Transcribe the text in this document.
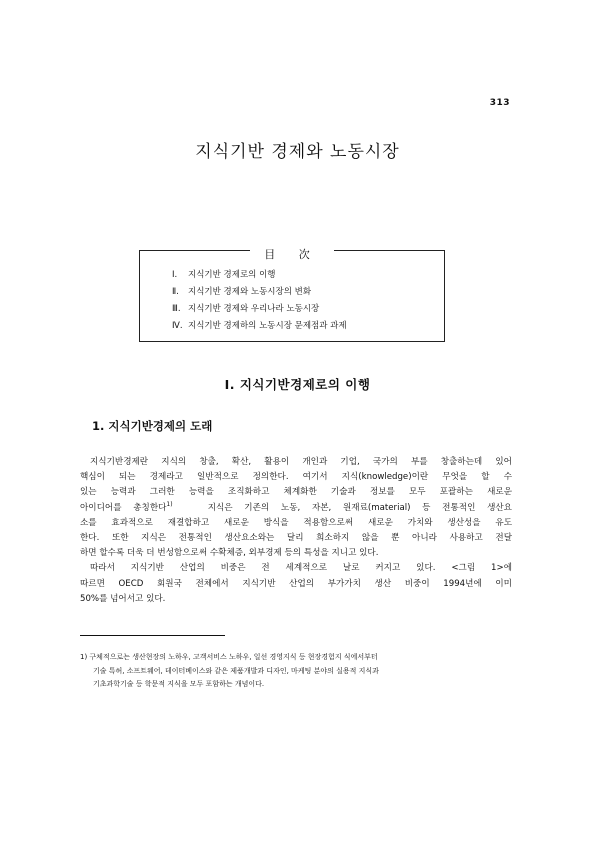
313
지식기반 경제와 노동시장
目 次
Ⅰ. 지식기반 경제로의 이행
Ⅱ. 지식기반 경제와 노동시장의 변화
Ⅲ. 지식기반 경제와 우리나라 노동시장
Ⅳ. 지식기반 경제하의 노동시장 문제점과 과제
Ⅰ. 지식기반경제로의 이행
1. 지식기반경제의 도래
지식기반경제란 지식의 창출, 확산, 활용이 개인과 기업, 국가의 부를 창출하는데 있어
핵심이 되는 경제라고 일반적으로 정의한다. 여기서 지식(knowledge)이란 무엇을 할 수
있는 능력과 그러한 능력을 조직화하고 체계화한 기술과 정보를 모두 포괄하는 새로운
아이디어를 총칭한다$^{1)}$	지식은 기존의 노동, 자본, 원재료(material) 등 전통적인 생산요
소를 효과적으로 재결합하고 새로운 방식을 적용함으로써 새로운 가치와 생산성을 유도
한다. 또한 지식은 전통적인 생산요소와는 달리 희소하지 않을 뿐 아니라 사용하고 전달
하면 할수록 더욱 더 번성함으로써 수확체증, 외부경제 등의 특성을 지니고 있다.
따라서 지식기반 산업의 비중은 전 세계적으로 날로 커지고 있다. <그림 1>에
따르면 OECD 회원국 전체에서 지식기반 산업의 부가가치 생산 비중이 1994년에 이미
50%를 넘어서고 있다.
1) 구체적으로는 생산현장의 노하우, 고객서비스 노하우, 일선 경영지식 등 현장경험지 식에서부터
기술 특허, 소프트웨어, 데이터베이스와 같은 제품개발과 디자인, 마케팅 분야의 실용적 지식과
기초과학기술 등 학문적 지식을 모두 포함하는 개념이다.
